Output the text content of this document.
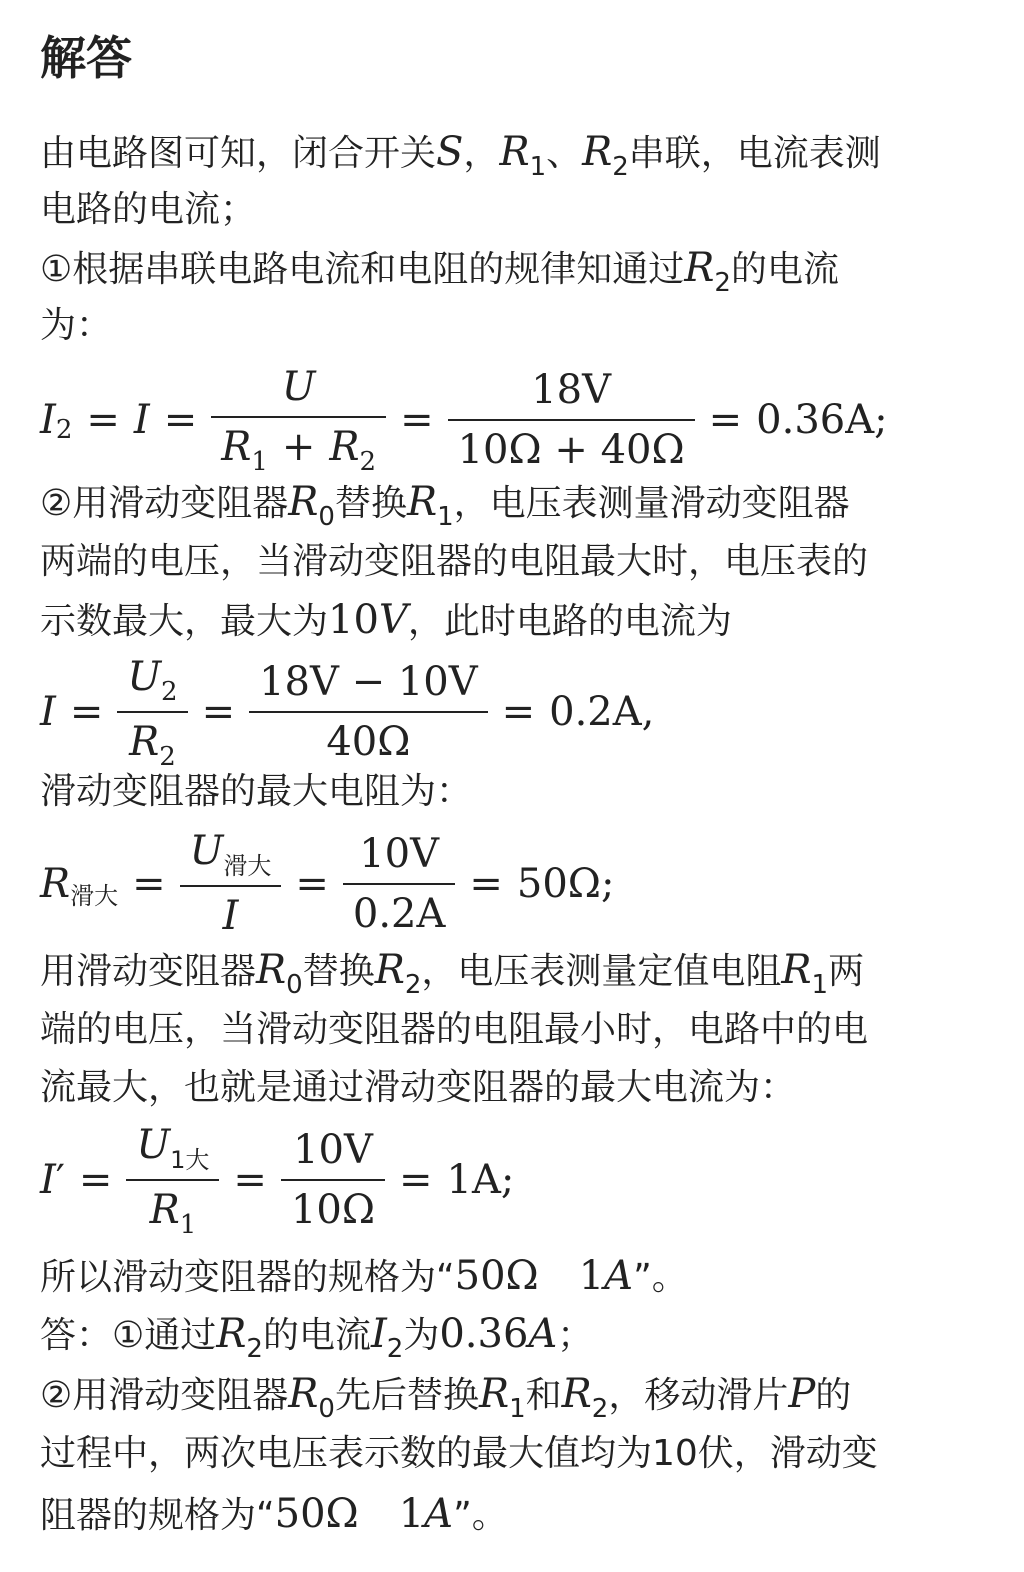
解答
由电路图可知，闭合开关S，$R_1$、$R_2$串联，电流表测
电路的电流；
①根据串联电路电流和电阻的规律知通过$R_2$的电流
为：
I $2 = I = \frac{U}{R_1 + R_2} = \frac{18V}{10\Omega + 40\Omega} = 0.36A$;
②用滑动变阻器$R_0$替换$R_1$，电压表测量滑动变阻器
两端的电压，当滑动变阻器的电阻最大时，电压表的
示数最大，最大为10V，此时电路的电流为
$I = \frac{U_2}{R_2} = \frac{18V - 10V}{40\Omega} = 0.2A$,
滑动变阻器的最大电阻为：
R 滑大 = $\frac{U_{滑大}}{I} = \frac{10V}{0.2A} = 50\Omega$;
用滑动变阻器$R_0$替换$R_2$，电压表测量定值电阻$R_1$两
端的电压，当滑动变阻器的电阻最小时，电路中的电
流最大，也就是通过滑动变阻器的最大电流为：
I ′ = $\frac{U_{1大}}{R_1} = \frac{10V}{10\Omega} = 1A$;
所以滑动变阻器的规格为“50Ω　1A”。
答：①通过$R_2$的电流$I_2$为0.36A；
②用滑动变阻器$R_0$先后替换$R_1$和$R_2$，移动滑片P的
过程中，两次电压表示数的最大值均为10伏，滑动变
阻器的规格为“50Ω　1A”。
